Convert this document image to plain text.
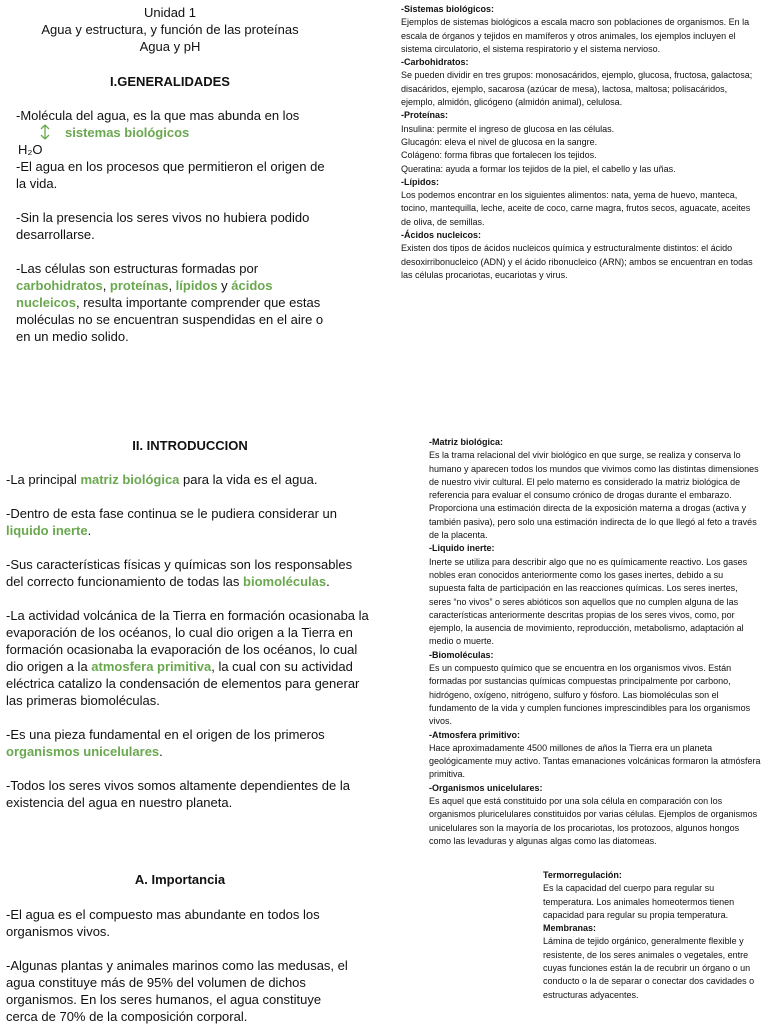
Unidad 1
Agua y estructura, y función de las proteínas
Agua y pH
I.GENERALIDADES

-Molécula del agua, es la que mas abunda en los

sistemas biológicos

H₂O

-El agua en los procesos que permitieron el origen de la vida.

-Sin la presencia los seres vivos no hubiera podido desarrollarse.

-Las células son estructuras formadas por carbohidratos, proteínas, lípidos y ácidos nucleicos, resulta importante comprender que estas moléculas no se encuentran suspendidas en el aire o en un medio solido.

-Sistemas biológicos:
Ejemplos de sistemas biológicos a escala macro son poblaciones de organismos. En la escala de órganos y tejidos en mamíferos y otros animales, los ejemplos incluyen el sistema circulatorio, el sistema respiratorio y el sistema nervioso.
-Carbohidratos:
Se pueden dividir en tres grupos: monosacáridos, ejemplo, glucosa, fructosa, galactosa; disacáridos, ejemplo, sacarosa (azúcar de mesa), lactosa, maltosa; polisacáridos, ejemplo, almidón, glicógeno (almidón animal), celulosa.
-Proteínas:
Insulina: permite el ingreso de glucosa en las células.
Glucagón: eleva el nivel de glucosa en la sangre.
Colágeno: forma fibras que fortalecen los tejidos.
Queratina: ayuda a formar los tejidos de la piel, el cabello y las uñas.
-Lípidos:
Los podemos encontrar en los siguientes alimentos: nata, yema de huevo, manteca, tocino, mantequilla, leche, aceite de coco, carne magra, frutos secos, aguacate, aceites de oliva, de semillas.
-Ácidos nucleicos:
Existen dos tipos de ácidos nucleicos química y estructuralmente distintos: el ácido desoxirribonucleico (ADN) y el ácido ribonucleico (ARN); ambos se encuentran en todas las células procariotas, eucariotas y virus.
II. INTRODUCCION

-La principal matriz biológica para la vida es el agua.

-Dentro de esta fase continua se le pudiera considerar un liquido inerte.

-Sus características físicas y químicas son los responsables del correcto funcionamiento de todas las biomoléculas.

-La actividad volcánica de la Tierra en formación ocasionaba la evaporación de los océanos, lo cual dio origen a la Tierra en formación ocasionaba la evaporación de los océanos, lo cual dio origen a la atmosfera primitiva, la cual con su actividad eléctrica catalizo la condensación de elementos para generar las primeras biomoléculas.

-Es una pieza fundamental en el origen de los primeros organismos unicelulares.

-Todos los seres vivos somos altamente dependientes de la existencia del agua en nuestro planeta.

-Matriz biológica:
Es la trama relacional del vivir biológico en que surge, se realiza y conserva lo humano y aparecen todos los mundos que vivimos como las distintas dimensiones de nuestro vivir cultural. El pelo materno es considerado la matriz biológica de referencia para evaluar el consumo crónico de drogas durante el embarazo. Proporciona una estimación directa de la exposición materna a drogas (activa y también pasiva), pero solo una estimación indirecta de lo que llegó al feto a través de la placenta.
-Liquido inerte:
Inerte se utiliza para describir algo que no es químicamente reactivo. Los gases nobles eran conocidos anteriormente como los gases inertes, debido a su supuesta falta de participación en las reacciones químicas. Los seres inertes, seres “no vivos” o seres abióticos son aquellos que no cumplen alguna de las características anteriormente descritas propias de los seres vivos, como, por ejemplo, la ausencia de movimiento, reproducción, metabolismo, adaptación al medio o muerte.
-Biomoléculas:
Es un compuesto químico que se encuentra en los organismos vivos. Están formadas por sustancias químicas compuestas principalmente por carbono, hidrógeno, oxígeno, nitrógeno, sulfuro y fósforo. Las biomoléculas son el fundamento de la vida y cumplen funciones imprescindibles para los organismos vivos.
-Atmosfera primitivo:
Hace aproximadamente 4500 millones de años la Tierra era un planeta geológicamente muy activo. Tantas emanaciones volcánicas formaron la atmósfera primitiva.
-Organismos unicelulares:
Es aquel que está constituido por una sola célula en comparación con los organismos pluricelulares constituidos por varias células. Ejemplos de organismos unicelulares son la mayoría de los procariotas, los protozoos, algunos hongos como las levaduras y algunas algas como las diatomeas.
Termorregulación:
Es la capacidad del cuerpo para regular su temperatura. Los animales homeotermos tienen capacidad para regular su propia temperatura.
Membranas:
Lámina de tejido orgánico, generalmente flexible y resistente, de los seres animales o vegetales, entre cuyas funciones están la de recubrir un órgano o un conducto o la de separar o conectar dos cavidades o estructuras adyacentes.
A. Importancia

-El agua es el compuesto mas abundante en todos los organismos vivos.

-Algunas plantas y animales marinos como las medusas, el agua constituye más de 95% del volumen de dichos organismos. En los seres humanos, el agua constituye cerca de 70% de la composición corporal.
